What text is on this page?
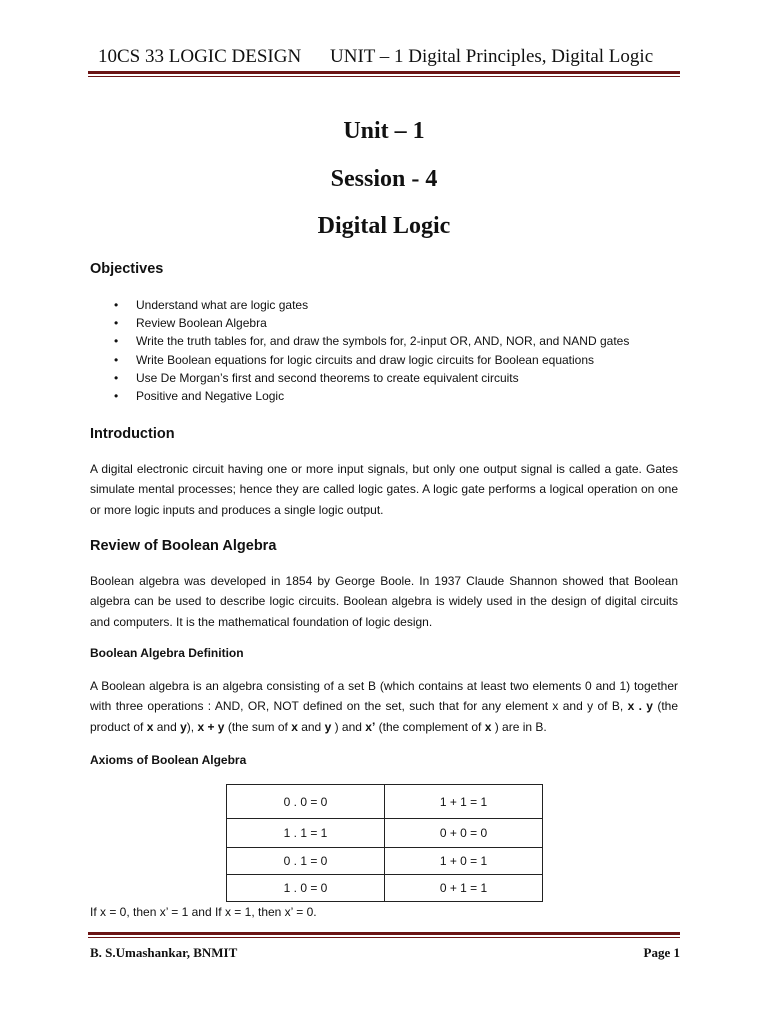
10CS 33 LOGIC DESIGN UNIT – 1 Digital Principles, Digital Logic
Unit – 1
Session - 4
Digital Logic
Objectives
• Understand what are logic gates
• Review Boolean Algebra
• Write the truth tables for, and draw the symbols for, 2-input OR, AND, NOR, and NAND gates
• Write Boolean equations for logic circuits and draw logic circuits for Boolean equations
• Use De Morgan’s first and second theorems to create equivalent circuits
• Positive and Negative Logic
Introduction
A digital electronic circuit having one or more input signals, but only one output signal is called a gate. Gates simulate mental processes; hence they are called logic gates. A logic gate performs a logical operation on one or more logic inputs and produces a single logic output.
Review of Boolean Algebra
Boolean algebra was developed in 1854 by George Boole. In 1937 Claude Shannon showed that Boolean algebra can be used to describe logic circuits. Boolean algebra is widely used in the design of digital circuits and computers. It is the mathematical foundation of logic design.
Boolean Algebra Definition
A Boolean algebra is an algebra consisting of a set B (which contains at least two elements 0 and 1) together with three operations : AND, OR, NOT defined on the set, such that for any element x and y of B, x . y (the product of x and y), x + y (the sum of x and y ) and x’ (the complement of x ) are in B.
Axioms of Boolean Algebra
0 . 0 = 0	1 + 1 = 1
1 . 1 = 1	0 + 0 = 0
0 . 1 = 0	1 + 0 = 1
1 . 0 = 0	0 + 1 = 1
If x = 0, then x’ = 1 and If x = 1, then x’ = 0.
B. S.Umashankar, BNMIT	Page 1
